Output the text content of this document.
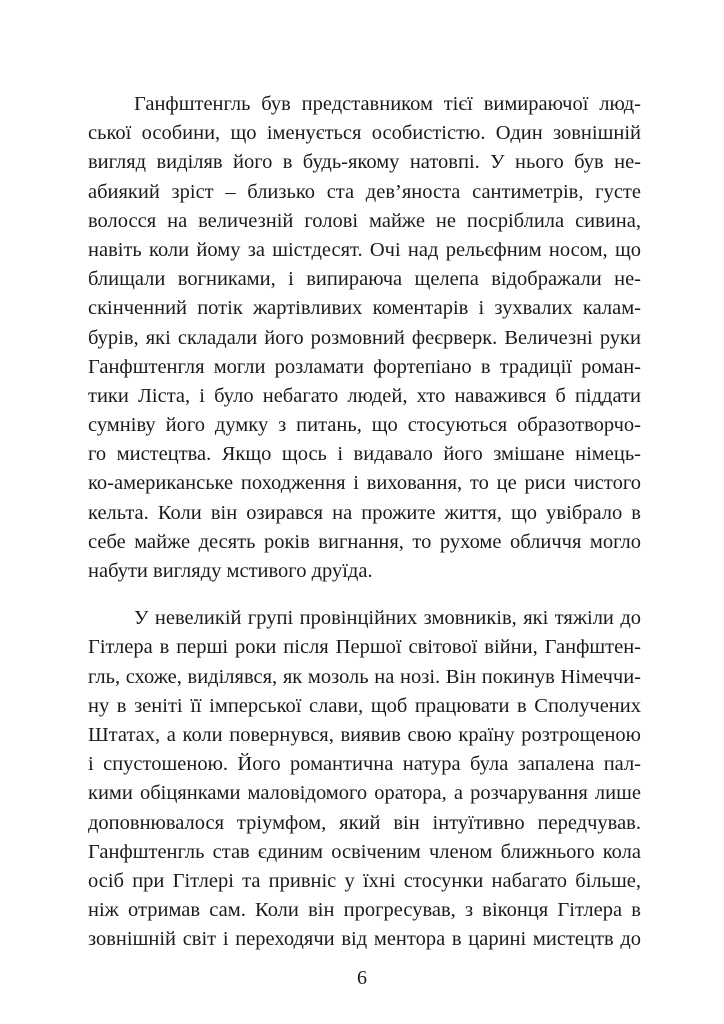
Ганфштенгль був представником тієї вимираючої люд-
ської особини, що іменується особистістю. Один зовнішній
вигляд виділяв його в будь-якому натовпі. У нього був не-
абиякий зріст – близько ста дев’яноста сантиметрів, густе
волосся на величезній голові майже не посріблила сивина,
навіть коли йому за шістдесят. Очі над рельєфним носом, що
блищали вогниками, і випираюча щелепа відображали не-
скінченний потік жартівливих коментарів і зухвалих калам-
бурів, які складали його розмовний феєрверк. Величезні руки
Ганфштенгля могли розламати фортепіано в традиції роман-
тики Ліста, і було небагато людей, хто наважився б піддати
сумніву його думку з питань, що стосуються образотворчо-
го мистецтва. Якщо щось і видавало його змішане німець-
ко-американське походження і виховання, то це риси чистого
кельта. Коли він озирався на прожите життя, що увібрало в
себе майже десять років вигнання, то рухоме обличчя могло
набути вигляду мстивого друїда.
У невеликій групі провінційних змовників, які тяжіли до
Гітлера в перші роки після Першої світової війни, Ганфштен-
гль, схоже, виділявся, як мозоль на нозі. Він покинув Німеччи-
ну в зеніті її імперської слави, щоб працювати в Сполучених
Штатах, а коли повернувся, виявив свою країну розтрощеною
і спустошеною. Його романтична натура була запалена пал-
кими обіцянками маловідомого оратора, а розчарування лише
доповнювалося тріумфом, який він інтуїтивно передчував.
Ганфштенгль став єдиним освіченим членом ближнього кола
осіб при Гітлері та привніс у їхні стосунки набагато більше,
ніж отримав сам. Коли він прогресував, з віконця Гітлера в
зовнішній світ і переходячи від ментора в царині мистецтв до
6
